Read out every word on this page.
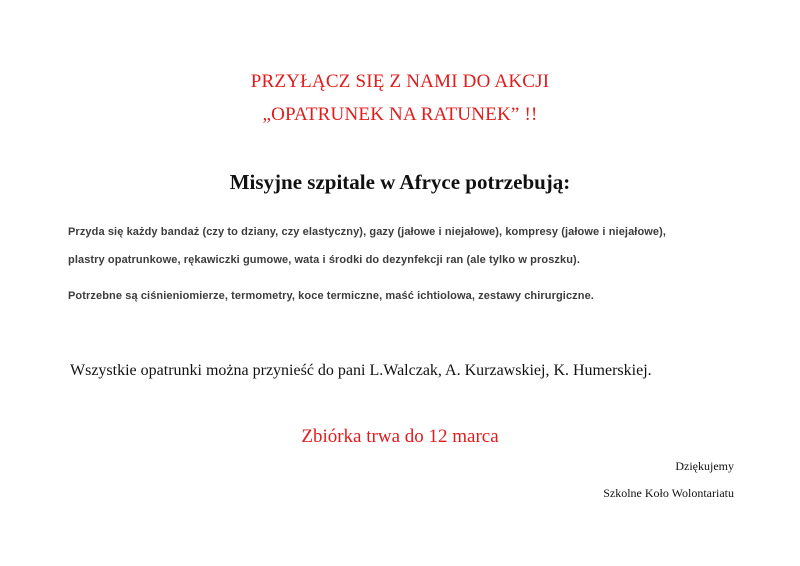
PRZYŁĄCZ SIĘ Z NAMI DO AKCJI
„OPATRUNEK NA RATUNEK” !!
Misyjne szpitale w Afryce potrzebują:
Przyda się każdy bandaż (czy to dziany, czy elastyczny), gazy (jałowe i niejałowe), kompresy (jałowe i niejałowe),
plastry opatrunkowe, rękawiczki gumowe, wata i środki do dezynfekcji ran (ale tylko w proszku).
Potrzebne są ciśnieniomierze, termometry, koce termiczne, maść ichtiolowa, zestawy chirurgiczne.
Wszystkie opatrunki można przynieść do pani L.Walczak, A. Kurzawskiej, K. Humerskiej.
Zbiórka trwa do 12 marca
Dziękujemy
Szkolne Koło Wolontariatu
